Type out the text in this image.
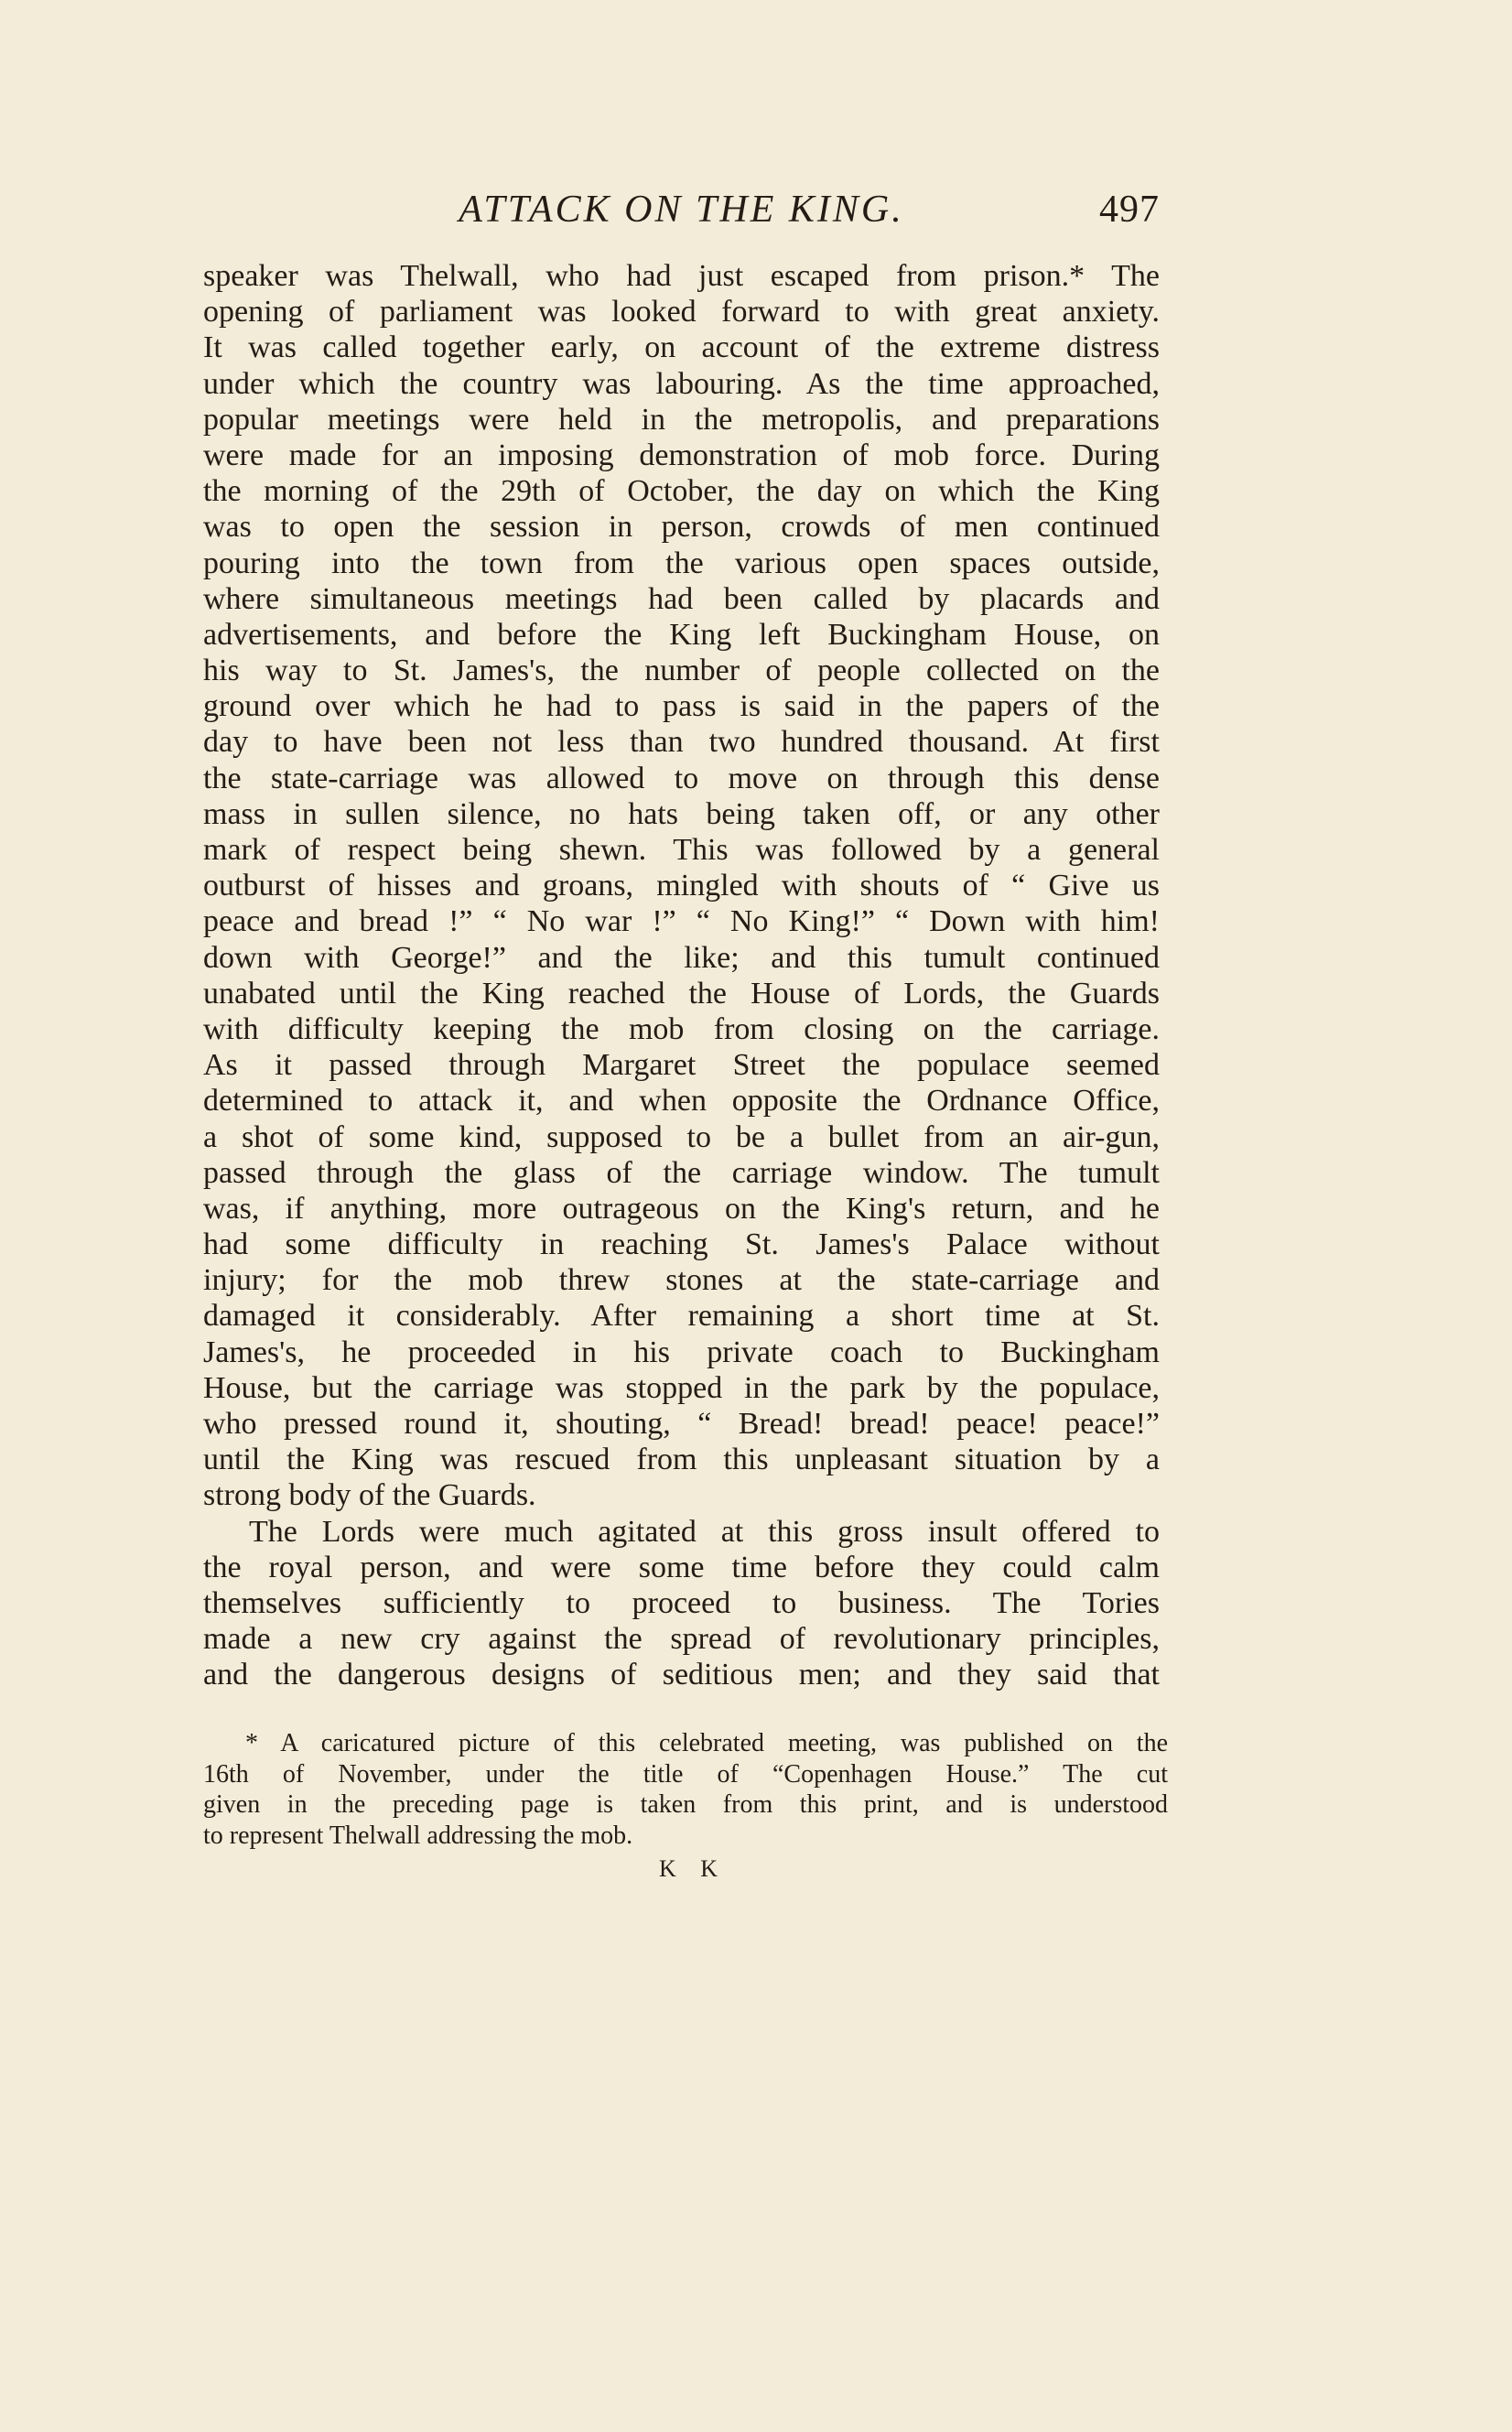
ATTACK ON THE KING.	497
speaker was Thelwall, who had just escaped from prison.* The
opening of parliament was looked forward to with great anxiety.
It was called together early, on account of the extreme distress
under which the country was labouring. As the time approached,
popular meetings were held in the metropolis, and preparations
were made for an imposing demonstration of mob force. During
the morning of the 29th of October, the day on which the King
was to open the session in person, crowds of men continued
pouring into the town from the various open spaces outside,
where simultaneous meetings had been called by placards and
advertisements, and before the King left Buckingham House, on
his way to St. James's, the number of people collected on the
ground over which he had to pass is said in the papers of the
day to have been not less than two hundred thousand. At first
the state-carriage was allowed to move on through this dense
mass in sullen silence, no hats being taken off, or any other
mark of respect being shewn. This was followed by a general
outburst of hisses and groans, mingled with shouts of “ Give us
peace and bread !” “ No war !” “ No King!” “ Down with him!
down with George!” and the like; and this tumult continued
unabated until the King reached the House of Lords, the Guards
with difficulty keeping the mob from closing on the carriage.
As it passed through Margaret Street the populace seemed
determined to attack it, and when opposite the Ordnance Office,
a shot of some kind, supposed to be a bullet from an air-gun,
passed through the glass of the carriage window. The tumult
was, if anything, more outrageous on the King's return, and he
had some difficulty in reaching St. James's Palace without
injury; for the mob threw stones at the state-carriage and
damaged it considerably. After remaining a short time at St.
James's, he proceeded in his private coach to Buckingham
House, but the carriage was stopped in the park by the populace,
who pressed round it, shouting, “ Bread! bread! peace! peace!”
until the King was rescued from this unpleasant situation by a
strong body of the Guards.
The Lords were much agitated at this gross insult offered to
the royal person, and were some time before they could calm
themselves sufficiently to proceed to business. The Tories
made a new cry against the spread of revolutionary principles,
and the dangerous designs of seditious men; and they said that
* A caricatured picture of this celebrated meeting, was published on the
16th of November, under the title of “Copenhagen House.” The cut
given in the preceding page is taken from this print, and is understood
to represent Thelwall addressing the mob.
K K
